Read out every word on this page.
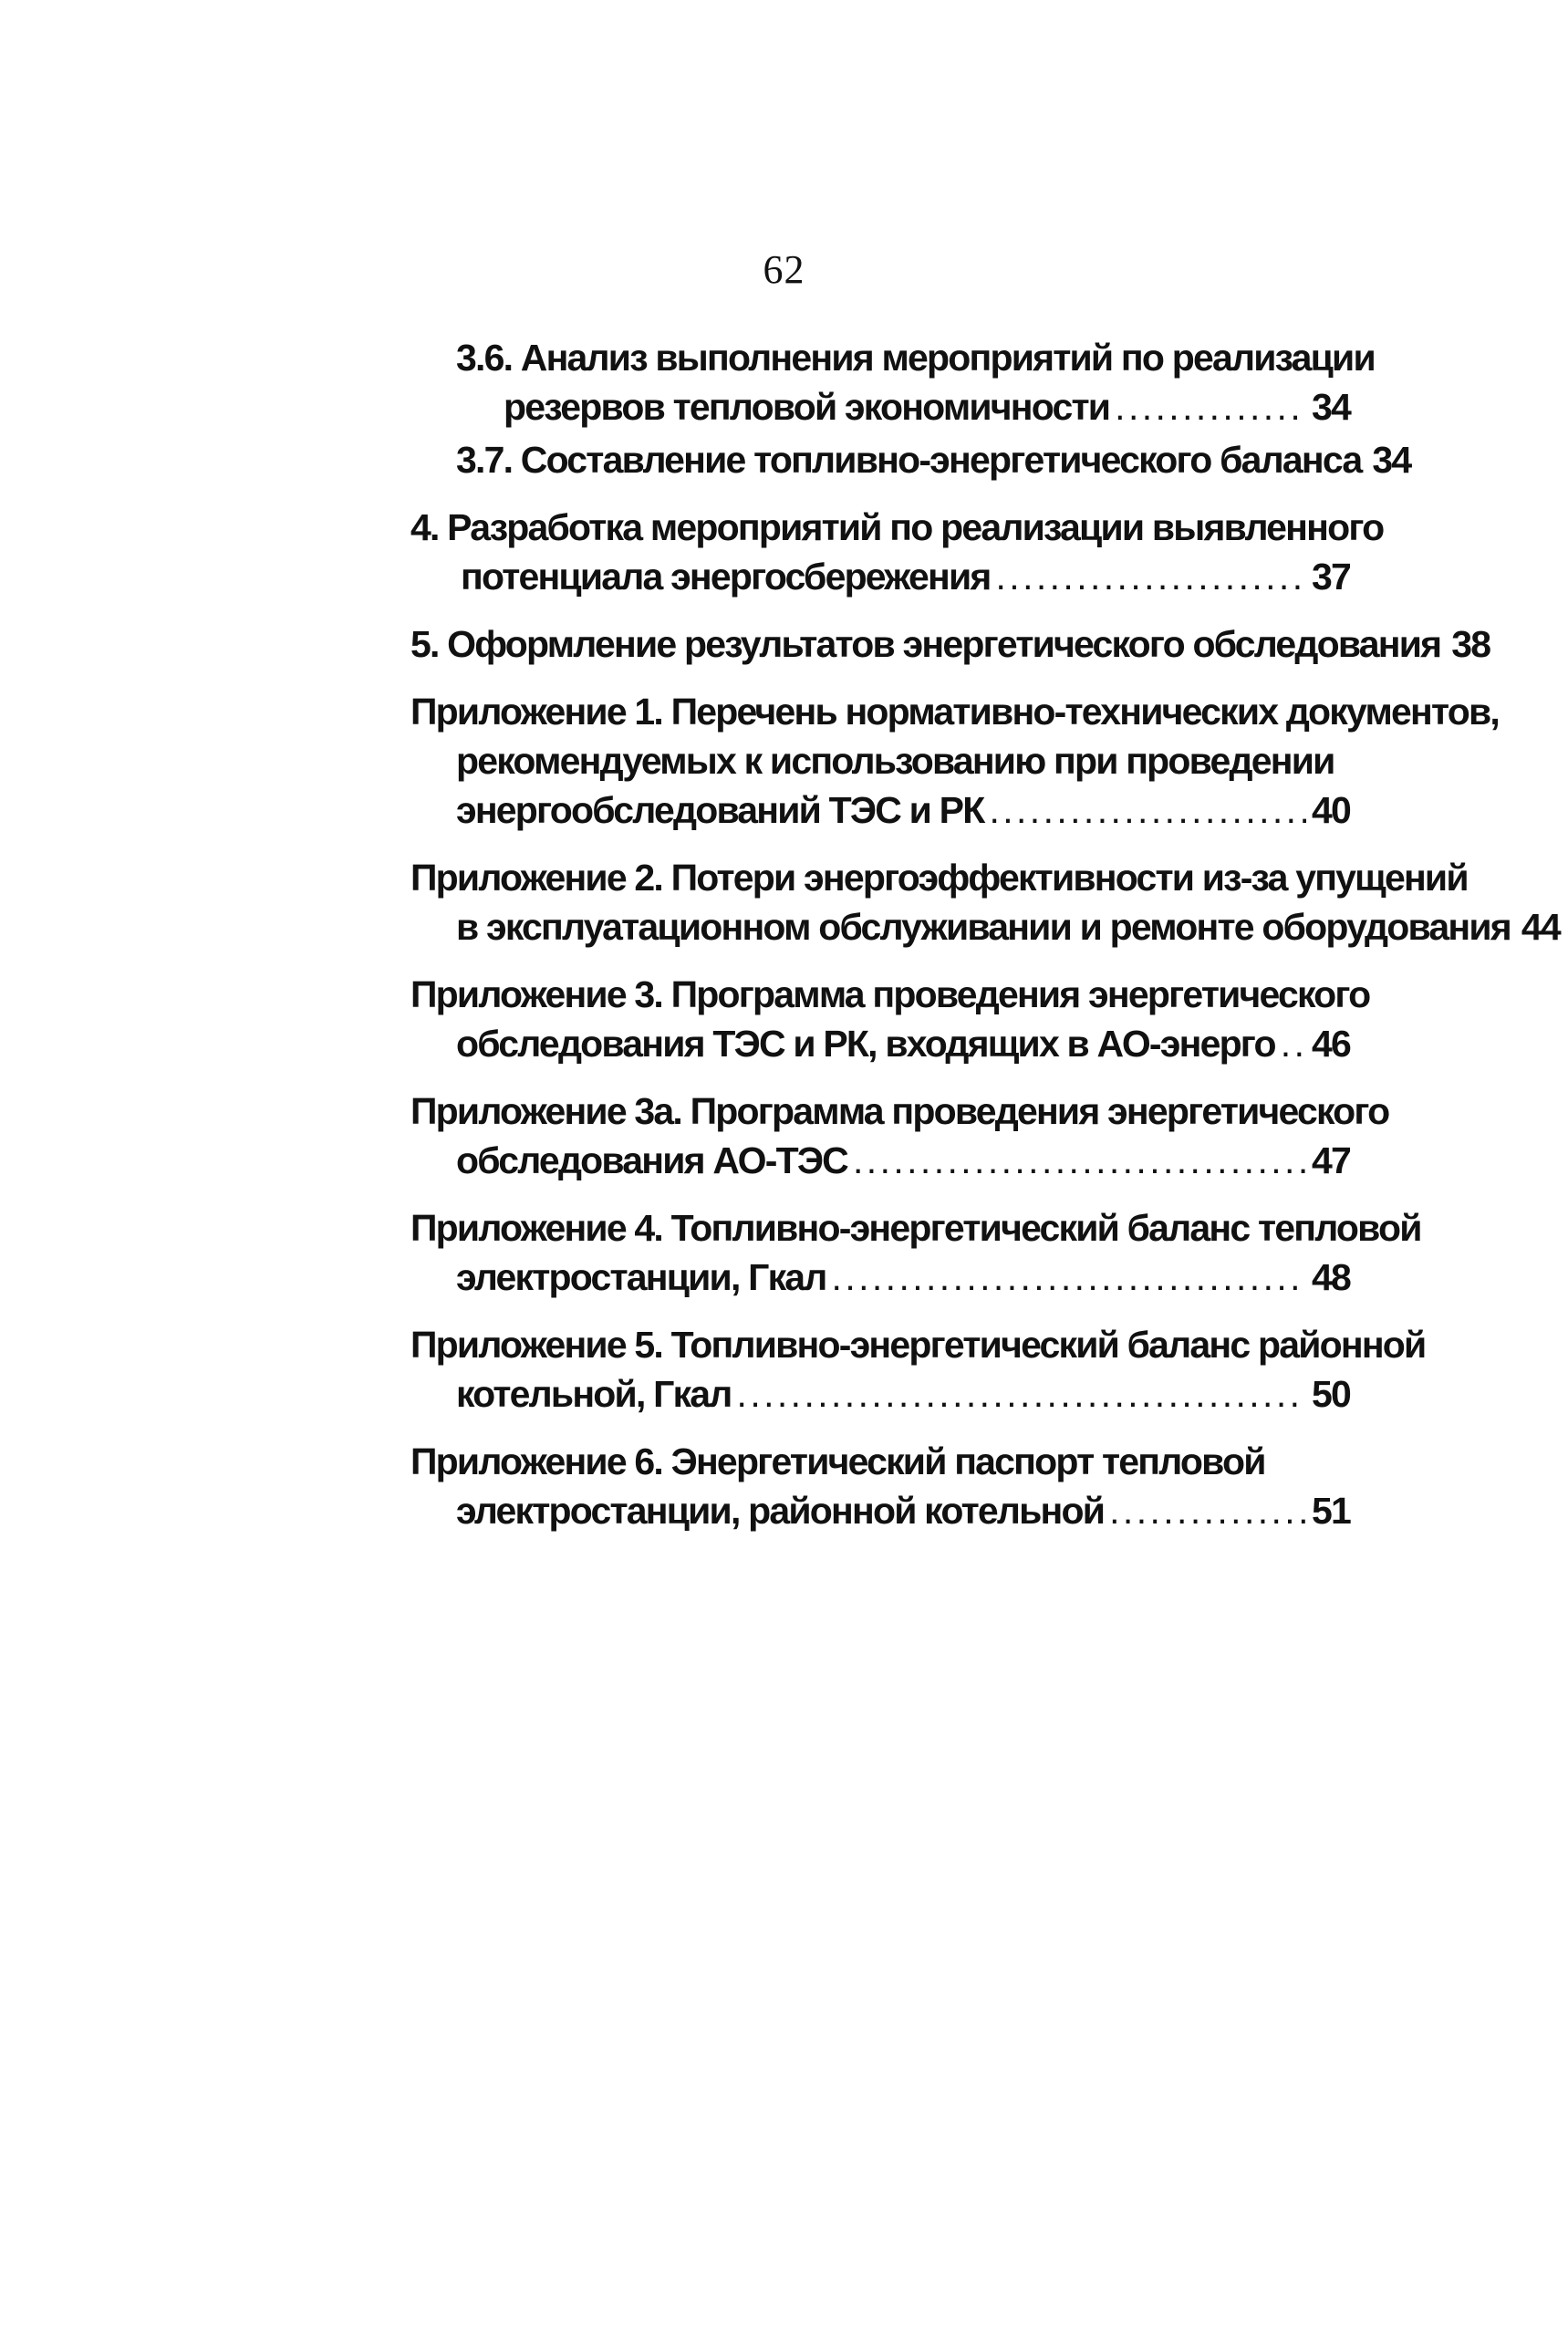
62
3.6. Анализ выполнения мероприятий по реализации
резервов тепловой экономичности . . .	34
3.7. Составление топливно-энергетического баланса 34
4. Разработка мероприятий по реализации выявленного
потенциала энергосбережения . . .	37
5. Оформление результатов энергетического обследования 38
Приложение 1. Перечень нормативно-технических документов,
рекомендуемых к использованию при проведении
энергообследований ТЭС и РК . . .	40
Приложение 2. Потери энергоэффективности из-за упущений
в эксплуатационном обслуживании и ремонте оборудования 44
Приложение 3. Программа проведения энергетического
обследования ТЭС и РК, входящих в АО-энерго . . . 46
Приложение 3а. Программа проведения энергетического
обследования АО-ТЭС . . .	47
Приложение 4. Топливно-энергетический баланс тепловой
электростанции, Гкал . . .	48
Приложение 5. Топливно-энергетический баланс районной
котельной, Гкал . . .	50
Приложение 6. Энергетический паспорт тепловой
электростанции, районной котельной . . .	51
